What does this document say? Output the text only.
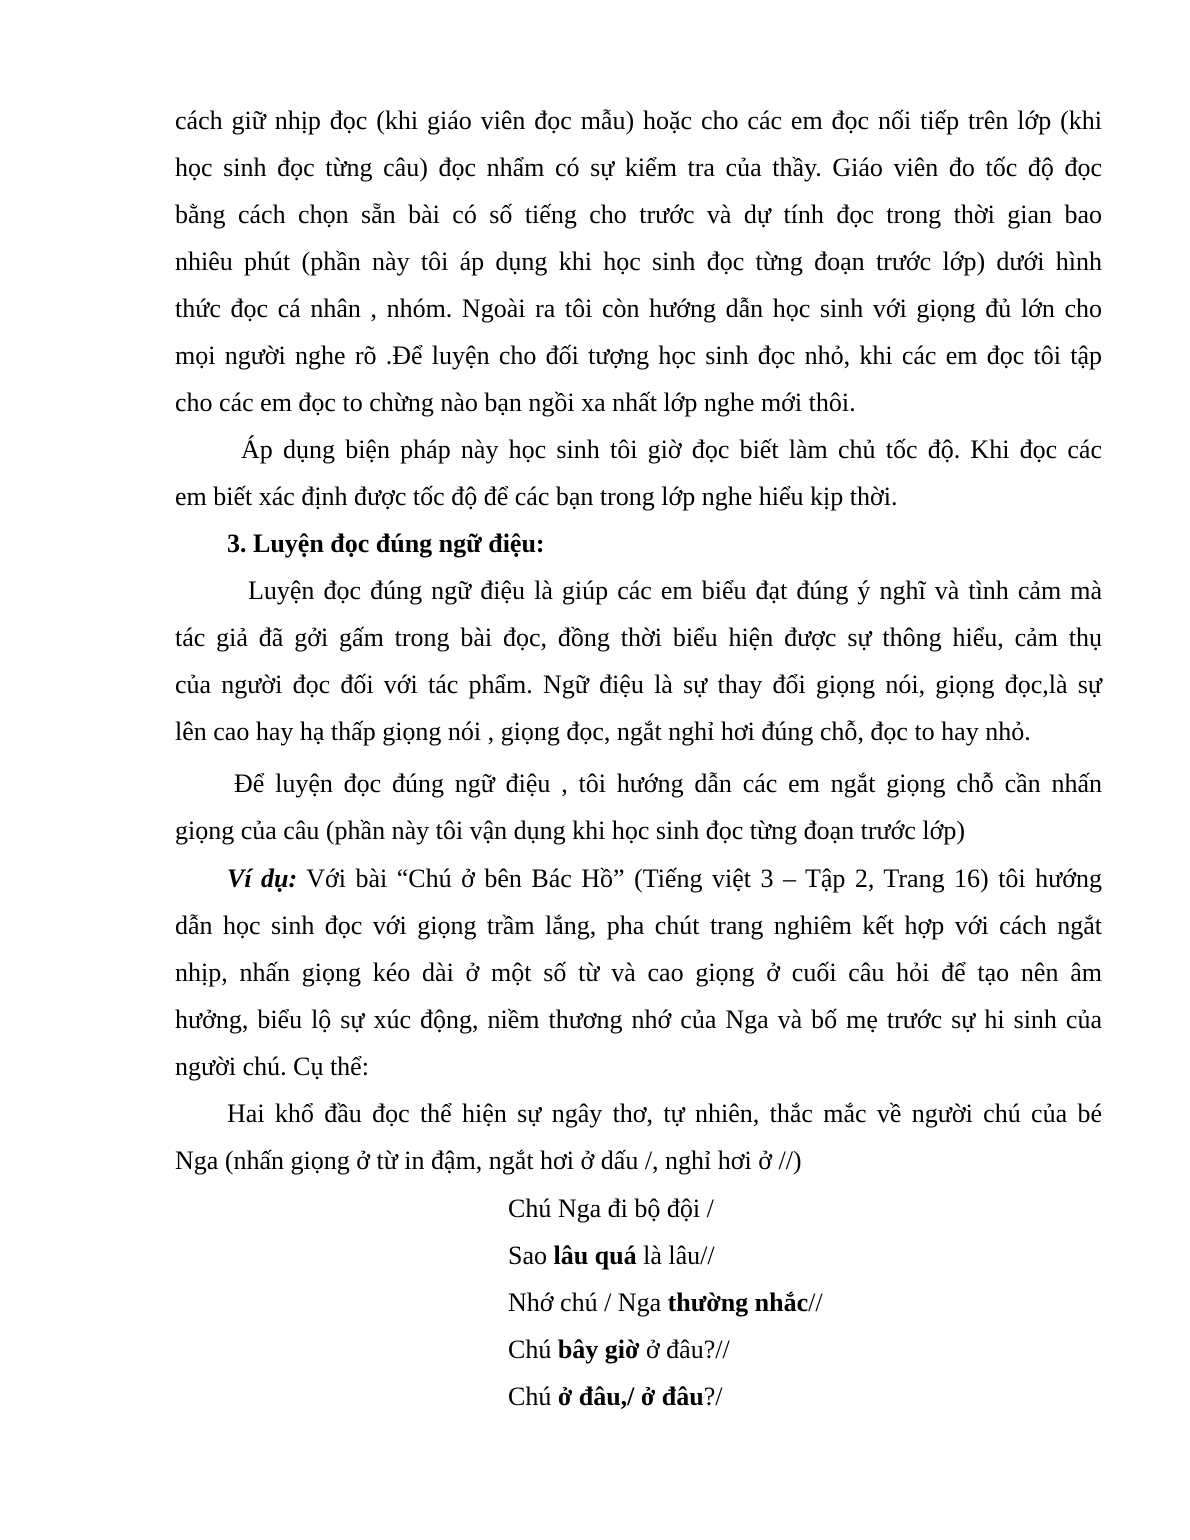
cách giữ nhịp đọc (khi giáo viên đọc mẫu) hoặc cho các em đọc nối tiếp trên lớp (khi
học sinh đọc từng câu) đọc nhẩm có sự kiểm tra của thầy. Giáo viên đo tốc độ đọc
bằng cách chọn sẵn bài có số tiếng cho trước và dự tính đọc trong thời gian bao
nhiêu phút (phần này tôi áp dụng khi học sinh đọc từng đoạn trước lớp) dưới hình
thức đọc cá nhân , nhóm. Ngoài ra tôi còn hướng dẫn học sinh với giọng đủ lớn cho
mọi người nghe rõ .Để luyện cho đối tượng học sinh đọc nhỏ, khi các em đọc tôi tập
cho các em đọc to chừng nào bạn ngồi xa nhất lớp nghe mới thôi.
Áp dụng biện pháp này học sinh tôi giờ đọc biết làm chủ tốc độ. Khi đọc các
em biết xác định được tốc độ để các bạn trong lớp nghe hiểu kịp thời.
3. Luyện đọc đúng ngữ điệu:
Luyện đọc đúng ngữ điệu là giúp các em biểu đạt đúng ý nghĩ và tình cảm mà
tác giả đã gởi gấm trong bài đọc, đồng thời biểu hiện được sự thông hiểu, cảm thụ
của người đọc đối với tác phẩm. Ngữ điệu là sự thay đổi giọng nói, giọng đọc,là sự
lên cao hay hạ thấp giọng nói , giọng đọc, ngắt nghỉ hơi đúng chỗ, đọc to hay nhỏ.
Để luyện đọc đúng ngữ điệu , tôi hướng dẫn các em ngắt giọng chỗ cần nhấn
giọng của câu (phần này tôi vận dụng khi học sinh đọc từng đoạn trước lớp)
Ví dụ: Với bài “Chú ở bên Bác Hồ” (Tiếng việt 3 – Tập 2, Trang 16) tôi hướng
dẫn học sinh đọc với giọng trầm lắng, pha chút trang nghiêm kết hợp với cách ngắt
nhịp, nhấn giọng kéo dài ở một số từ và cao giọng ở cuối câu hỏi để tạo nên âm
hưởng, biểu lộ sự xúc động, niềm thương nhớ của Nga và bố mẹ trước sự hi sinh của
người chú. Cụ thể:
Hai khổ đầu đọc thể hiện sự ngây thơ, tự nhiên, thắc mắc về người chú của bé
Nga (nhấn giọng ở từ in đậm, ngắt hơi ở dấu /, nghỉ hơi ở //)
Chú Nga đi bộ đội /
Sao lâu quá là lâu//
Nhớ chú / Nga thường nhắc//
Chú bây giờ ở đâu?//
Chú ở đâu,/ ở đâu?/
